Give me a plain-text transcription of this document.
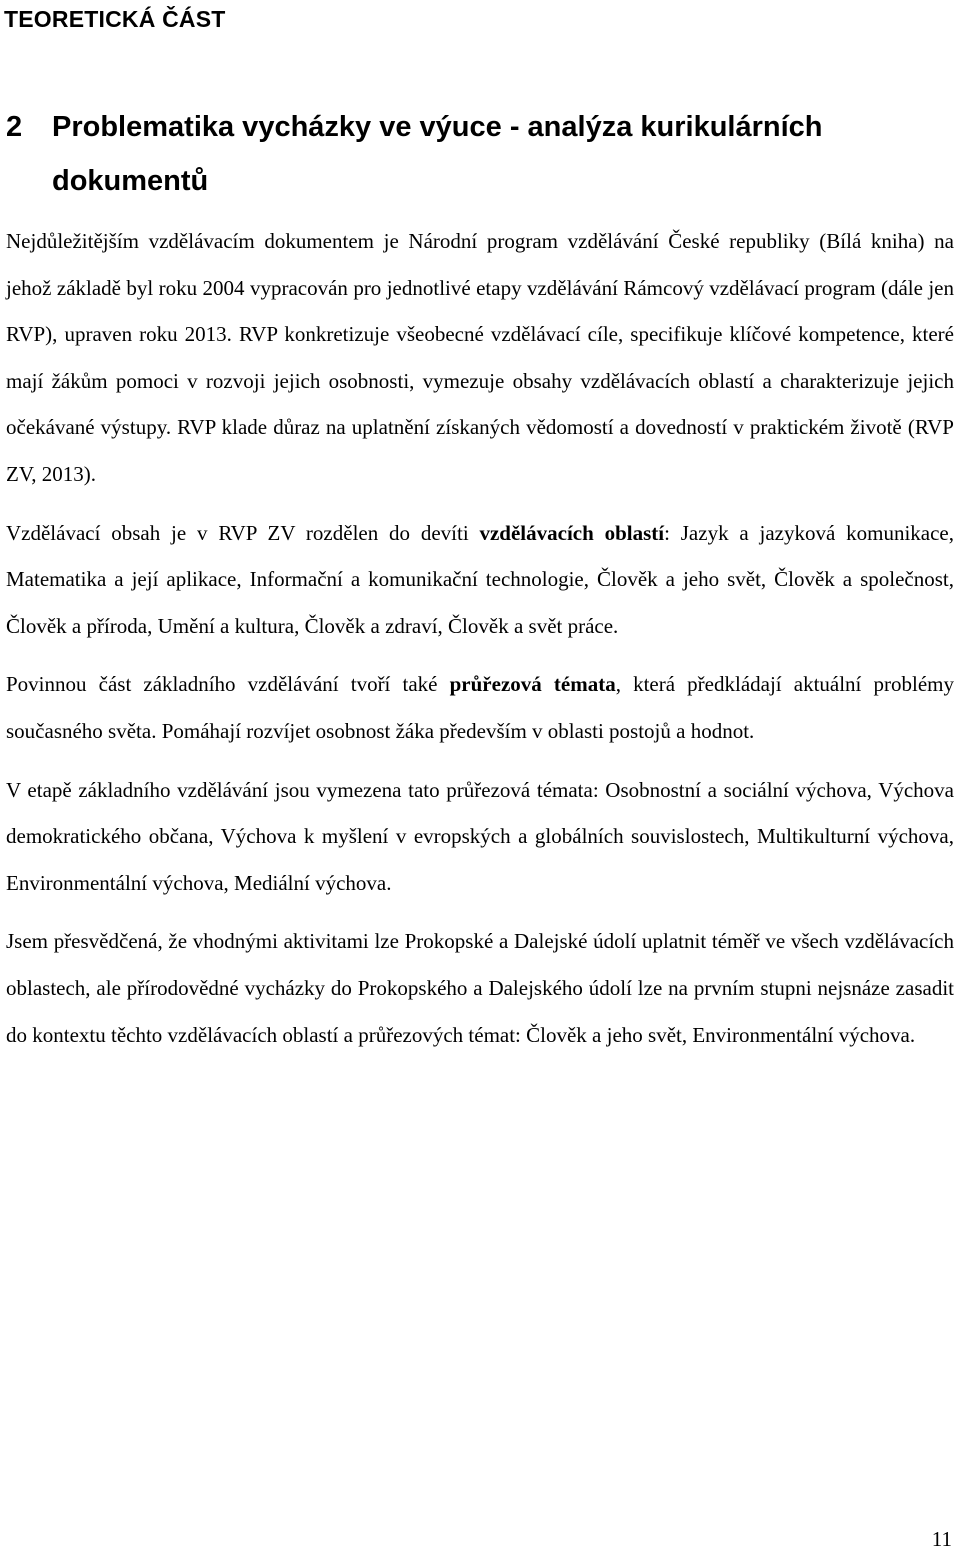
TEORETICKÁ ČÁST
2	Problematika vycházky ve výuce - analýza kurikulárních dokumentů

Nejdůležitějším vzdělávacím dokumentem je Národní program vzdělávání České republiky (Bílá kniha) na jehož základě byl roku 2004 vypracován pro jednotlivé etapy vzdělávání Rámcový vzdělávací program (dále jen RVP), upraven roku 2013. RVP konkretizuje všeobecné vzdělávací cíle, specifikuje klíčové kompetence, které mají žákům pomoci v rozvoji jejich osobnosti, vymezuje obsahy vzdělávacích oblastí a charakterizuje jejich očekávané výstupy. RVP klade důraz na uplatnění získaných vědomostí a dovedností v praktickém životě (RVP ZV, 2013).

Vzdělávací obsah je v RVP ZV rozdělen do devíti vzdělávacích oblastí: Jazyk a jazyková komunikace, Matematika a její aplikace, Informační a komunikační technologie, Člověk a jeho svět, Člověk a společnost, Člověk a příroda, Umění a kultura, Člověk a zdraví, Člověk a svět práce.

Povinnou část základního vzdělávání tvoří také průřezová témata, která předkládají aktuální problémy současného světa. Pomáhají rozvíjet osobnost žáka především v oblasti postojů a hodnot.

V etapě základního vzdělávání jsou vymezena tato průřezová témata: Osobnostní a sociální výchova, Výchova demokratického občana, Výchova k myšlení v evropských a globálních souvislostech, Multikulturní výchova, Environmentální výchova, Mediální výchova.

Jsem přesvědčená, že vhodnými aktivitami lze Prokopské a Dalejské údolí uplatnit téměř ve všech vzdělávacích oblastech, ale přírodovědné vycházky do Prokopského a Dalejského údolí lze na prvním stupni nejsnáze zasadit do kontextu těchto vzdělávacích oblastí a průřezových témat: Člověk a jeho svět, Environmentální výchova.

11
